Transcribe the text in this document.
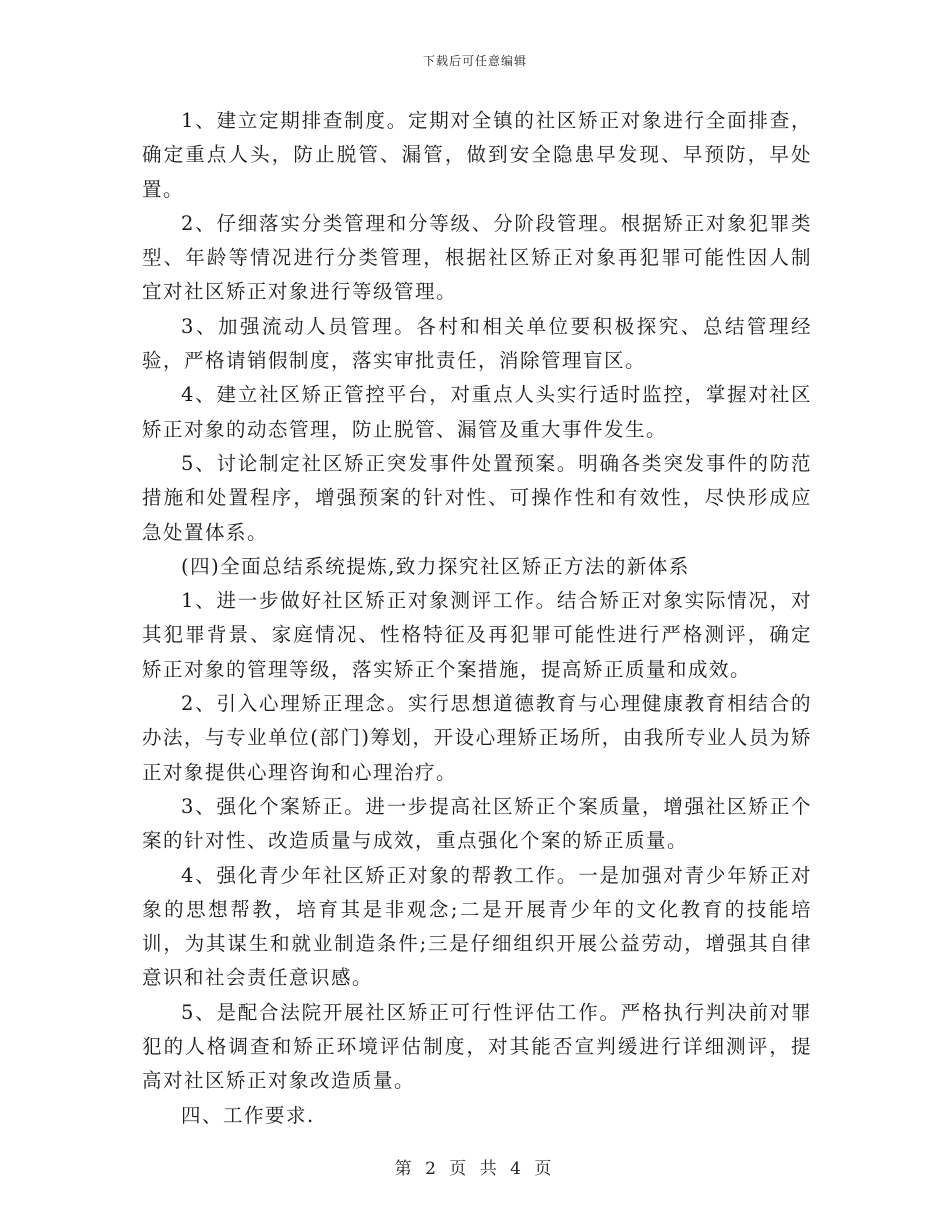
下载后可任意编辑

1、建立定期排查制度。定期对全镇的社区矫正对象进行全面排查，确定重点人头，防止脱管、漏管，做到安全隐患早发现、早预防，早处置。

2、仔细落实分类管理和分等级、分阶段管理。根据矫正对象犯罪类型、年龄等情况进行分类管理，根据社区矫正对象再犯罪可能性因人制宜对社区矫正对象进行等级管理。

3、加强流动人员管理。各村和相关单位要积极探究、总结管理经验，严格请销假制度，落实审批责任，消除管理盲区。

4、建立社区矫正管控平台，对重点人头实行适时监控，掌握对社区矫正对象的动态管理，防止脱管、漏管及重大事件发生。

5、讨论制定社区矫正突发事件处置预案。明确各类突发事件的防范措施和处置程序，增强预案的针对性、可操作性和有效性，尽快形成应急处置体系。

(四)全面总结系统提炼,致力探究社区矫正方法的新体系

1、进一步做好社区矫正对象测评工作。结合矫正对象实际情况，对其犯罪背景、家庭情况、性格特征及再犯罪可能性进行严格测评，确定矫正对象的管理等级，落实矫正个案措施，提高矫正质量和成效。

2、引入心理矫正理念。实行思想道德教育与心理健康教育相结合的办法，与专业单位(部门)筹划，开设心理矫正场所，由我所专业人员为矫正对象提供心理咨询和心理治疗。

3、强化个案矫正。进一步提高社区矫正个案质量，增强社区矫正个案的针对性、改造质量与成效，重点强化个案的矫正质量。

4、强化青少年社区矫正对象的帮教工作。一是加强对青少年矫正对象的思想帮教，培育其是非观念;二是开展青少年的文化教育的技能培训，为其谋生和就业制造条件;三是仔细组织开展公益劳动，增强其自律意识和社会责任意识感。

5、是配合法院开展社区矫正可行性评估工作。严格执行判决前对罪犯的人格调查和矫正环境评估制度，对其能否宣判缓进行详细测评，提高对社区矫正对象改造质量。

四、工作要求.

第 2 页 共 4 页
